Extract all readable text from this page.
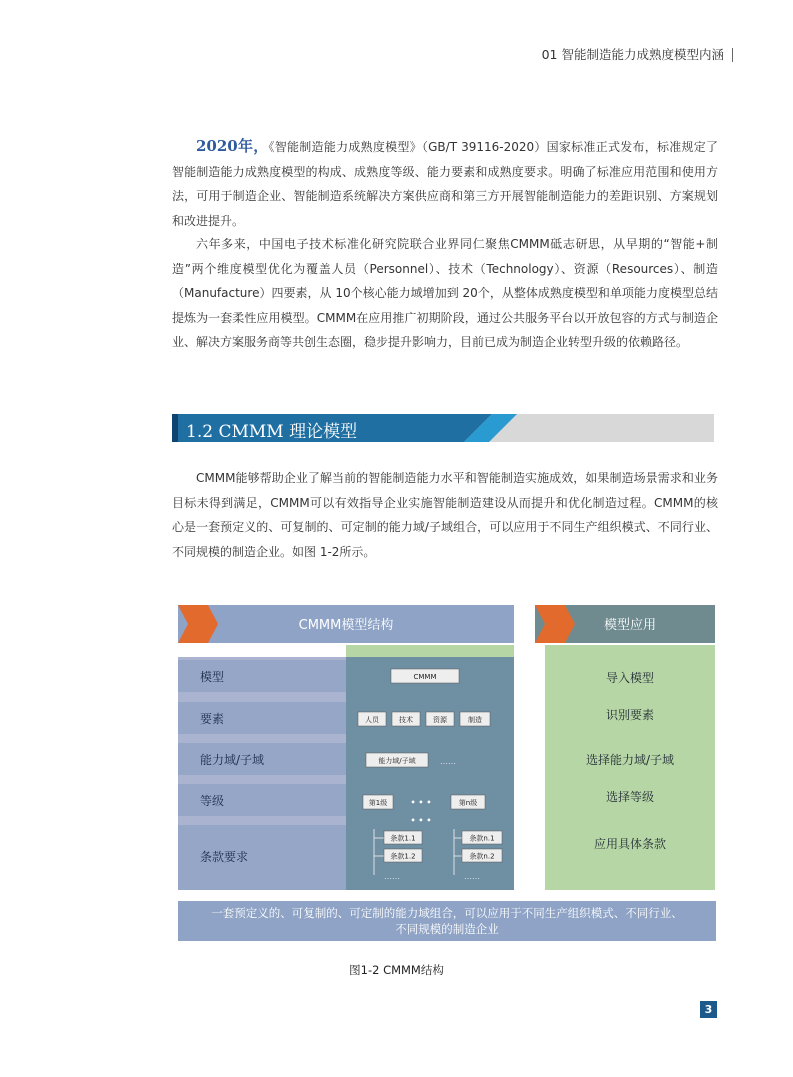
01 智能制造能力成熟度模型内涵

2020年，《智能制造能力成熟度模型》（GB/T 39116-2020）国家标准正式发布，标准规定了智能制造能力成熟度模型的构成、成熟度等级、能力要素和成熟度要求。明确了标准应用范围和使用方法，可用于制造企业、智能制造系统解决方案供应商和第三方开展智能制造能力的差距识别、方案规划和改进提升。

六年多来，中国电子技术标准化研究院联合业界同仁聚焦CMMM砥志研思，从早期的“智能+制造”两个维度模型优化为覆盖人员（Personnel）、技术（Technology）、资源（Resources）、制造（Manufacture）四要素，从 10个核心能力域增加到 20个，从整体成熟度模型和单项能力度模型总结提炼为一套柔性应用模型。CMMM在应用推广初期阶段，通过公共服务平台以开放包容的方式与制造企业、解决方案服务商等共创生态圈，稳步提升影响力，目前已成为制造企业转型升级的依赖路径。

1.2 CMMM 理论模型

CMMM能够帮助企业了解当前的智能制造能力水平和智能制造实施成效，如果制造场景需求和业务目标未得到满足，CMMM可以有效指导企业实施智能制造建设从而提升和优化制造过程。CMMM的核心是一套预定义的、可复制的、可定制的能力域/子域组合，可以应用于不同生产组织模式、不同行业、不同规模的制造企业。如图 1-2所示。

CMMM模型结构	模型应用
模型
要素
能力域/子域
等级
条款要求
CMMM
人员	技术	资源	制造
能力域/子域	……
第1级	• • •	第n级
• • •
条款1.1
条款1.2
……
条款n.1
条款n.2
……
导入模型
识别要素
选择能力域/子域
选择等级
应用具体条款
一套预定义的、可复制的、可定制的能力域组合，可以应用于不同生产组织模式、不同行业、
不同规模的制造企业
图1-2 CMMM结构
3
